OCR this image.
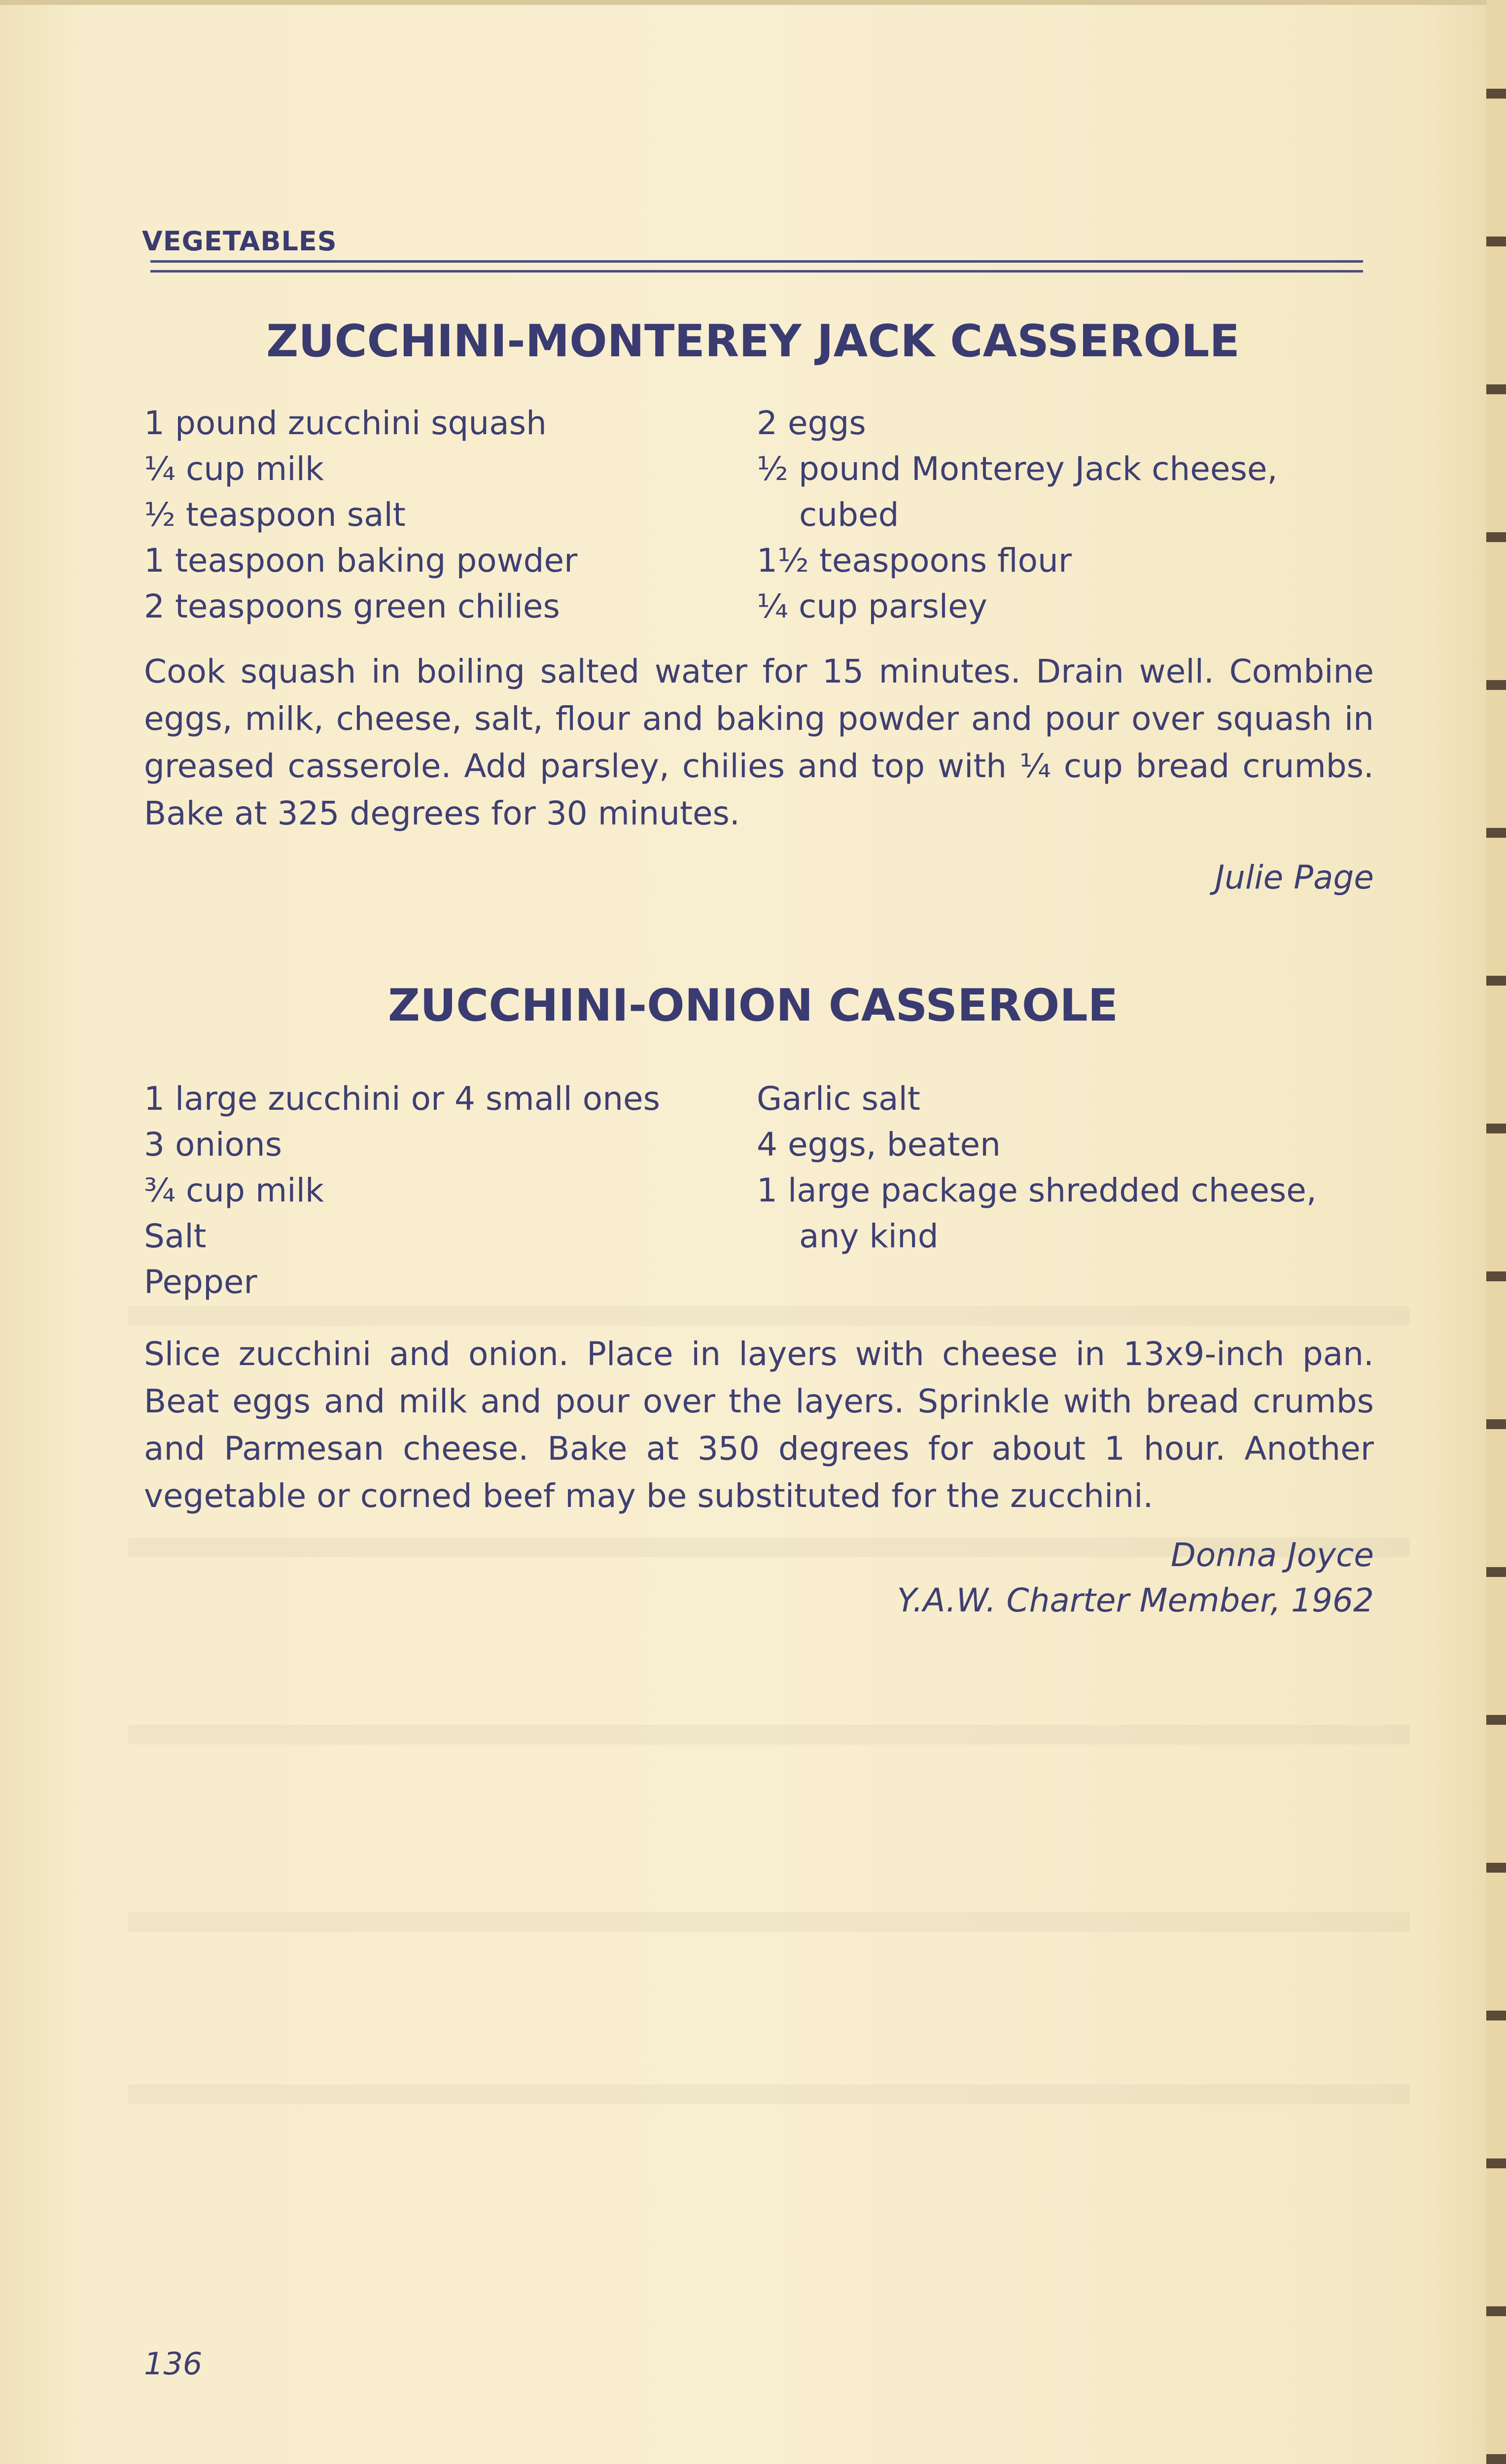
VEGETABLES
ZUCCHINI-MONTEREY JACK CASSEROLE
1 pound zucchini squash
¼ cup milk
½ teaspoon salt
1 teaspoon baking powder
2 teaspoons green chilies
2 eggs
½ pound Monterey Jack cheese,
cubed
1½ teaspoons flour
¼ cup parsley
Cook squash in boiling salted water for 15 minutes. Drain well. Combine eggs, milk, cheese, salt, flour and baking powder and pour over squash in greased casserole. Add parsley, chilies and top with ¼ cup bread crumbs. Bake at 325 degrees for 30 minutes.
Julie Page
ZUCCHINI-ONION CASSEROLE
1 large zucchini or 4 small ones
3 onions
¾ cup milk
Salt
Pepper
Garlic salt
4 eggs, beaten
1 large package shredded cheese,
any kind
Slice zucchini and onion. Place in layers with cheese in 13x9-inch pan. Beat eggs and milk and pour over the layers. Sprinkle with bread crumbs and Parmesan cheese. Bake at 350 degrees for about 1 hour. Another vegetable or corned beef may be substituted for the zucchini.
Donna Joyce
Y.A.W. Charter Member, 1962
136
